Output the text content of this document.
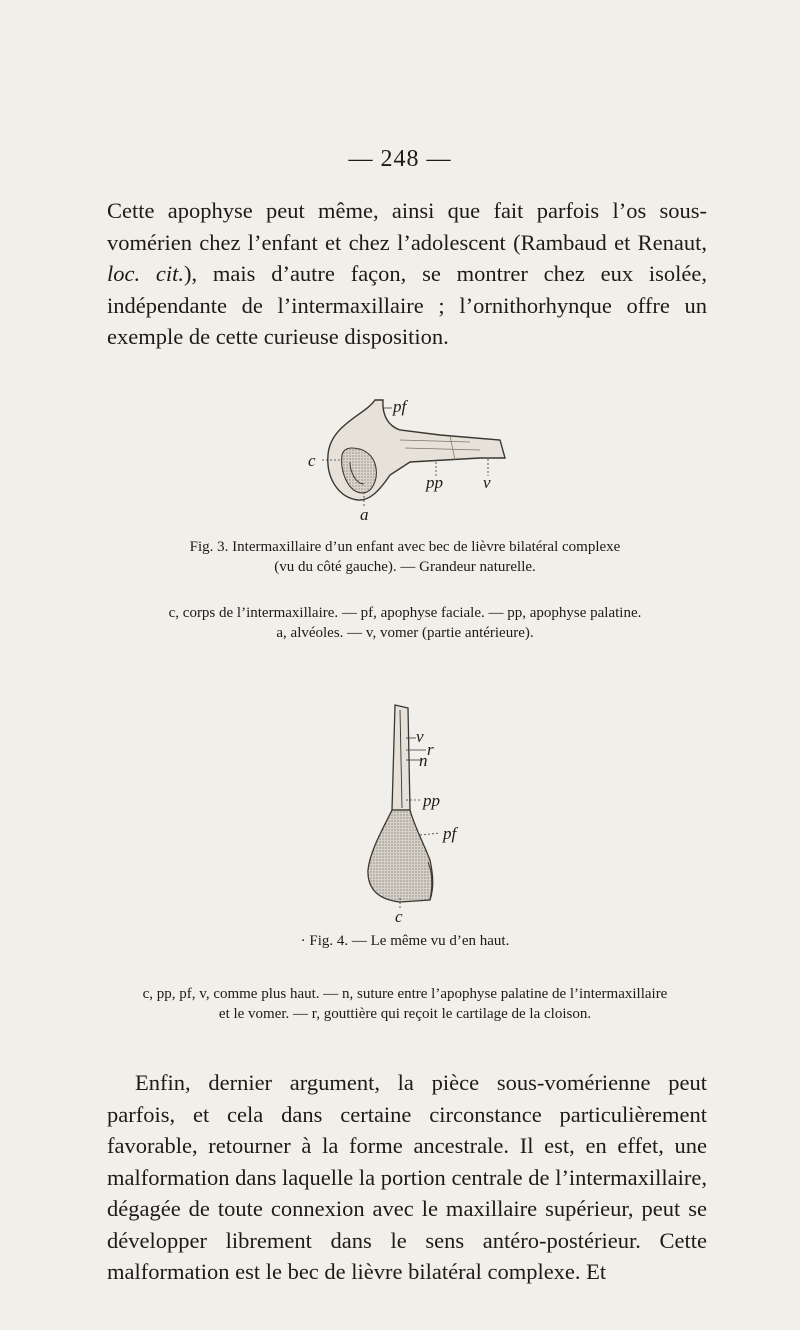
— 248 —

Cette apophyse peut même, ainsi que fait parfois l’os sous-vomérien chez l’enfant et chez l’adolescent (Rambaud et Renaut, loc. cit.), mais d’autre façon, se montrer chez eux isolée, indépendante de l’intermaxillaire ; l’ornithorhynque offre un exemple de cette curieuse disposition.

pf
c
pp v
a

Fig. 3. Intermaxillaire d’un enfant avec bec de lièvre bilatéral complexe
(vu du côté gauche). — Grandeur naturelle.

c, corps de l’intermaxillaire. — pf, apophyse faciale. — pp, apophyse palatine.
a, alvéoles. — v, vomer (partie antérieure).

v
r
n
pp
pf
c

· Fig. 4. — Le même vu d’en haut.

c, pp, pf, v, comme plus haut. — n, suture entre l’apophyse palatine de l’intermaxillaire
et le vomer. — r, gouttière qui reçoit le cartilage de la cloison.

Enfin, dernier argument, la pièce sous-vomérienne peut parfois, et cela dans certaine circonstance particulièrement favorable, retourner à la forme ancestrale. Il est, en effet, une malformation dans laquelle la portion centrale de l’intermaxillaire, dégagée de toute connexion avec le maxillaire supérieur, peut se développer librement dans le sens antéro-postérieur. Cette malformation est le bec de lièvre bilatéral complexe. Et
